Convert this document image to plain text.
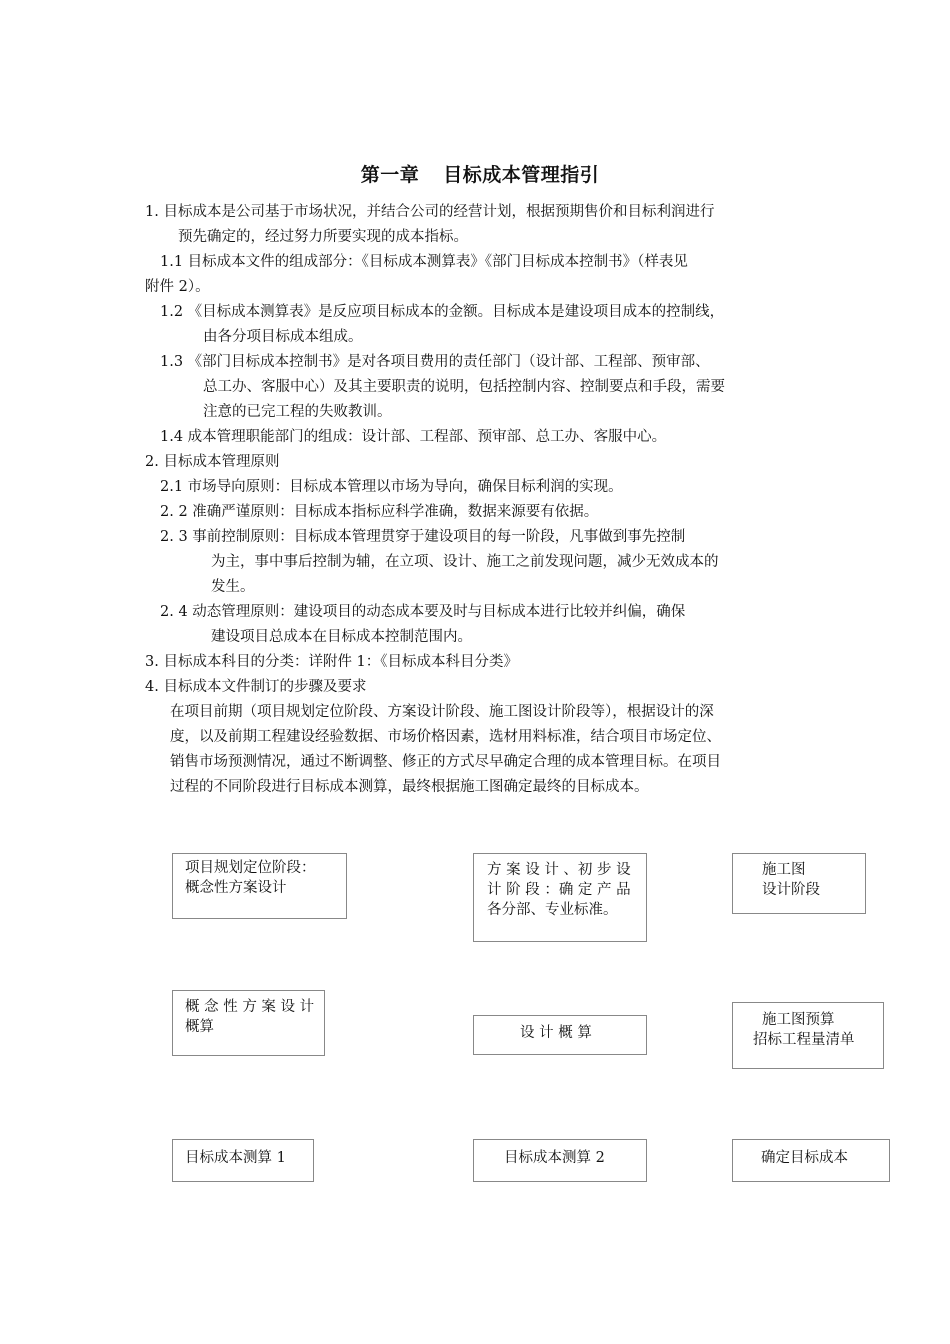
第一章 目标成本管理指引
1. 目标成本是公司基于市场状况，并结合公司的经营计划，根据预期售价和目标利润进行
预先确定的，经过努力所要实现的成本指标。
1.1 目标成本文件的组成部分：《目标成本测算表》《部门目标成本控制书》（样表见
附件 2）。
1.2 《目标成本测算表》是反应项目标成本的金额。目标成本是建设项目成本的控制线，
由各分项目标成本组成。
1.3 《部门目标成本控制书》是对各项目费用的责任部门（设计部、工程部、预审部、
总工办、客服中心）及其主要职责的说明，包括控制内容、控制要点和手段，需要
注意的已完工程的失败教训。
1.4 成本管理职能部门的组成：设计部、工程部、预审部、总工办、客服中心。
2. 目标成本管理原则
2.1 市场导向原则：目标成本管理以市场为导向，确保目标利润的实现。
2. 2 准确严谨原则：目标成本指标应科学准确，数据来源要有依据。
2. 3 事前控制原则：目标成本管理贯穿于建设项目的每一阶段，凡事做到事先控制
为主，事中事后控制为辅，在立项、设计、施工之前发现问题，减少无效成本的
发生。
2. 4 动态管理原则：建设项目的动态成本要及时与目标成本进行比较并纠偏，确保
建设项目总成本在目标成本控制范围内。
3. 目标成本科目的分类：详附件 1：《目标成本科目分类》
4. 目标成本文件制订的步骤及要求
在项目前期（项目规划定位阶段、方案设计阶段、施工图设计阶段等），根据设计的深
度，以及前期工程建设经验数据、市场价格因素，选材用料标准，结合项目市场定位、
销售市场预测情况，通过不断调整、修正的方式尽早确定合理的成本管理目标。在项目
过程的不同阶段进行目标成本测算，最终根据施工图确定最终的目标成本。
项目规划定位阶段：
概念性方案设计
方 案 设 计 、初 步 设
计 阶 段 ：确 定 产 品
各分部、专业标准。
施工图
设计阶段
概 念 性 方 案 设 计
概算	设 计 概 算
施工图预算
招标工程量清单
目标成本测算 1	目标成本测算 2	确定目标成本
